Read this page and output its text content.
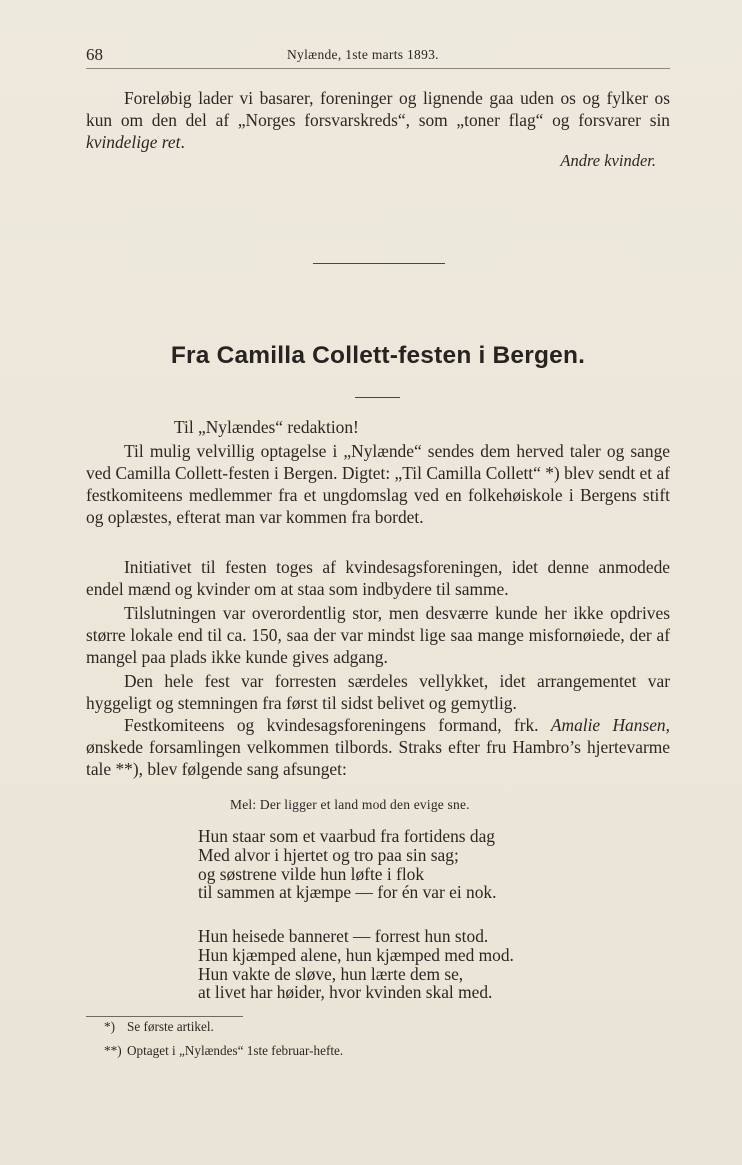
68	Nylænde, 1ste marts 1893.

Foreløbig lader vi basarer, foreninger og lignende gaa uden os og fylker os kun om den del af „Norges forsvarskreds“, som „toner flag“ og forsvarer sin kvindelige ret.

Andre kvinder.
Fra Camilla Collett-festen i Bergen.
Til „Nylændes“ redaktion!

Til mulig velvillig optagelse i „Nylænde“ sendes dem herved taler og sange ved Camilla Collett-festen i Bergen. Digtet: „Til Camilla Collett“ *) blev sendt et af festkomiteens medlemmer fra et ungdomslag ved en folkehøiskole i Bergens stift og oplæstes, efterat man var kommen fra bordet.

Initiativet til festen toges af kvindesagsforeningen, idet denne anmodede endel mænd og kvinder om at staa som indbydere til samme.

Tilslutningen var overordentlig stor, men desværre kunde her ikke opdrives større lokale end til ca. 150, saa der var mindst lige saa mange misfornøiede, der af mangel paa plads ikke kunde gives adgang.

Den hele fest var forresten særdeles vellykket, idet arrangementet var hyggeligt og stemningen fra først til sidst belivet og gemytlig.

Festkomiteens og kvindesagsforeningens formand, frk. Amalie Hansen, ønskede forsamlingen velkommen tilbords. Straks efter fru Hambro’s hjertevarme tale **), blev følgende sang afsunget:

Mel: Der ligger et land mod den evige sne.
Hun staar som et vaarbud fra fortidens dag
Med alvor i hjertet og tro paa sin sag;
og søstrene vilde hun løfte i flok
til sammen at kjæmpe — for én var ei nok.
Hun heisede banneret — forrest hun stod.
Hun kjæmped alene, hun kjæmped med mod.
Hun vakte de sløve, hun lærte dem se,
at livet har høider, hvor kvinden skal med.
*) Se første artikel.
**) Optaget i „Nylændes“ 1ste februar-hefte.
